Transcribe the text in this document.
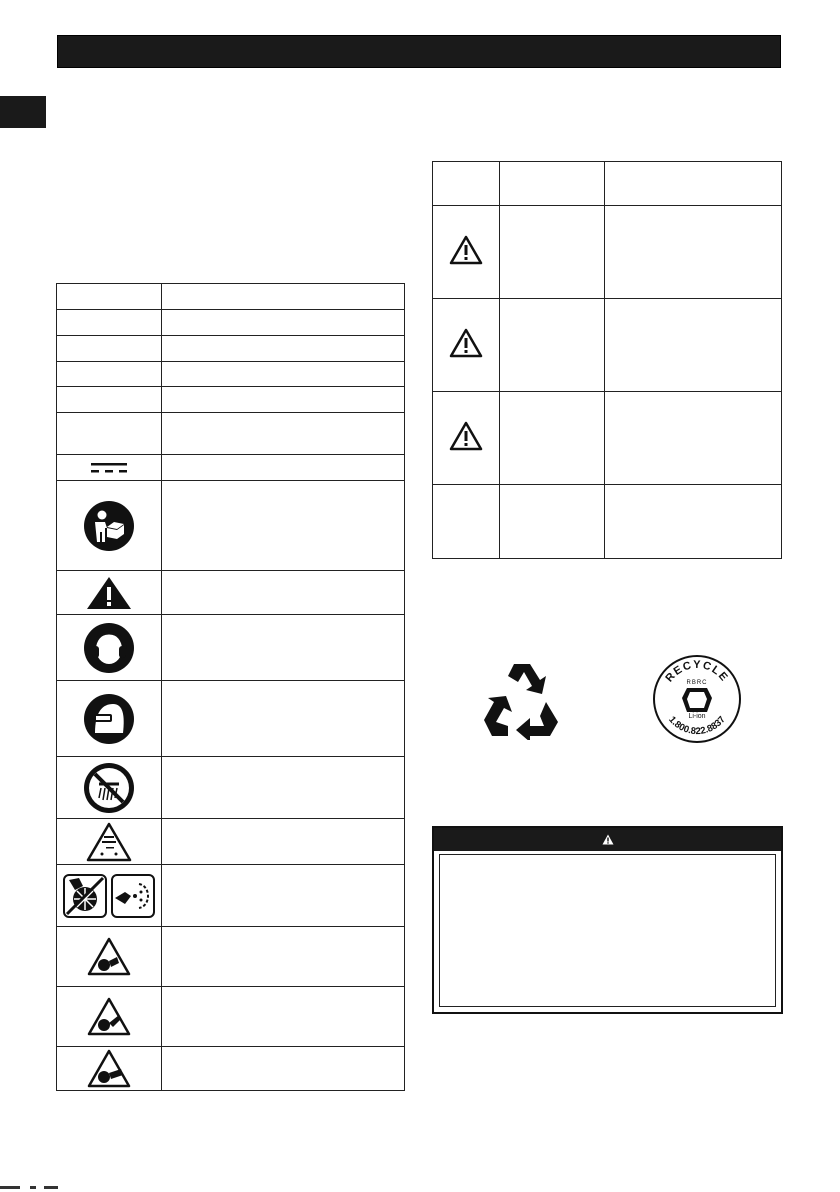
RECYCLE
RBRC
Li-ion
1.800.822.8837
